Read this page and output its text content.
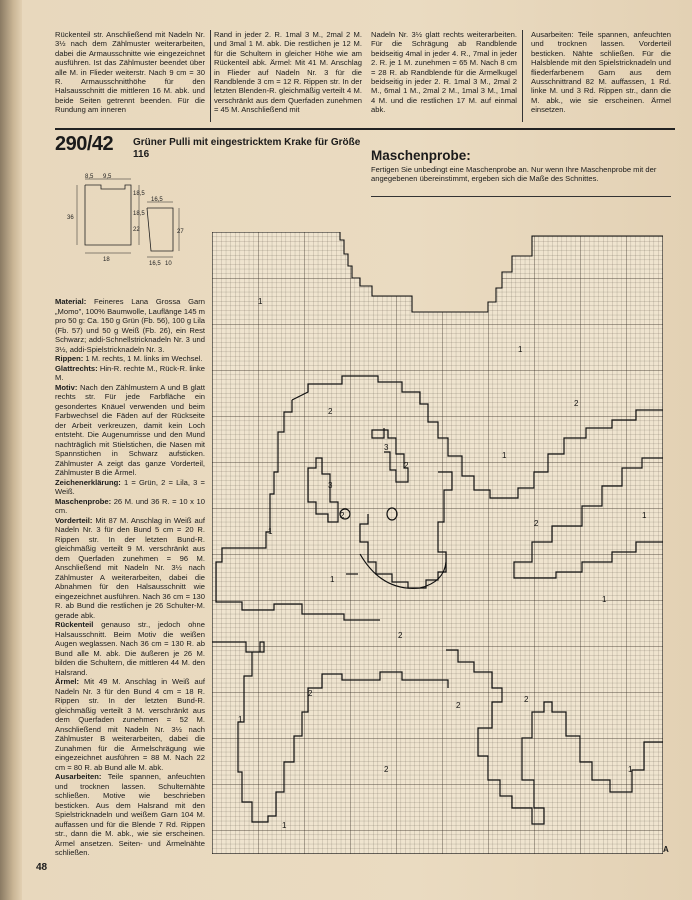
Rückenteil str. Anschließend mit Nadeln Nr. 3½ nach dem Zählmuster weiterarbeiten, dabei die Armausschnitte wie eingezeichnet ausführen. Ist das Zählmuster beendet über alle M. in Flieder weiterstr. Nach 9 cm = 30 R. Armausschnitthöhe für den Halsausschnitt die mittleren 16 M. abk. und beide Seiten getrennt beenden. Für die Rundung am inneren

Rand in jeder 2. R. 1mal 3 M., 2mal 2 M. und 3mal 1 M. abk. Die restlichen je 12 M. für die Schultern in gleicher Höhe wie am Rückenteil abk. Ärmel: Mit 41 M. Anschlag in Flieder auf Nadeln Nr. 3 für die Randblende 3 cm = 12 R. Rippen str. In der letzten Blenden-R. gleichmäßig verteilt 4 M. verschränkt aus dem Querfaden zunehmen = 45 M. Anschließend mit

Nadeln Nr. 3½ glatt rechts weiterarbeiten. Für die Schrägung ab Randblende beidseitig 4mal in jeder 4. R., 7mal in jeder 2. R. je 1 M. zunehmen = 65 M. Nach 8 cm = 28 R. ab Randblende für die Ärmelkugel beidseitig in jeder 2. R. 1mal 3 M., 2mal 2 M., 6mal 1 M., 2mal 2 M., 1mal 3 M., 1mal 4 M. und die restlichen 17 M. auf einmal abk.

Ausarbeiten: Teile spannen, anfeuchten und trocknen lassen. Vorderteil besticken. Nähte schließen. Für die Halsblende mit den Spielstricknadeln und fliederfarbenem Garn aus dem Ausschnittrand 82 M. auffassen, 1 Rd. linke M. und 3 Rd. Rippen str., dann die M. abk., wie sie erscheinen. Ärmel einsetzen.

290/42 Grüner Pulli mit eingestricktem Krake für Größe 116	Maschenprobe:
Fertigen Sie unbedingt eine Maschenprobe an. Nur wenn Ihre Maschenprobe mit der angegebenen übereinstimmt, ergeben sich die Maße des Schnittes.
8,5 9,5
18,5
36
18,5
22
18
16,5
27
16,5 10

Material: Feineres Lana Grossa Garn „Momo", 100% Baumwolle, Lauflänge 145 m pro 50 g: Ca. 150 g Grün (Fb. 56), 100 g Lila (Fb. 57) und 50 g Weiß (Fb. 26), ein Rest Schwarz; addi-Schnellstricknadeln Nr. 3 und 3½, addi-Spielstricknadeln Nr. 3.

Rippen: 1 M. rechts, 1 M. links im Wechsel.

Glattrechts: Hin-R. rechte M., Rück-R. linke M.

Motiv: Nach den Zählmustern A und B glatt rechts str. Für jede Farbfläche ein gesondertes Knäuel verwenden und beim Farbwechsel die Fäden auf der Rückseite der Arbeit verkreuzen, damit kein Loch entsteht. Die Augenumrisse und den Mund nachträglich mit Stielstichen, die Nasen mit Spannstichen in Schwarz aufsticken. Zählmuster A zeigt das ganze Vorderteil, Zählmuster B die Ärmel.

Zeichenerklärung: 1 = Grün, 2 = Lila, 3 = Weiß.

Maschenprobe: 26 M. und 36 R. = 10 x 10 cm.

Vorderteil: Mit 87 M. Anschlag in Weiß auf Nadeln Nr. 3 für den Bund 5 cm = 20 R. Rippen str. In der letzten Bund-R. gleichmäßig verteilt 9 M. verschränkt aus dem Querfaden zunehmen = 96 M. Anschließend mit Nadeln Nr. 3½ nach Zählmuster A weiterarbeiten, dabei die Abnahmen für den Halsausschnitt wie eingezeichnet ausführen. Nach 36 cm = 130 R. ab Bund die restlichen je 26 Schulter-M. gerade abk.

Rückenteil genauso str., jedoch ohne Halsausschnitt. Beim Motiv die weißen Augen weglassen. Nach 36 cm = 130 R. ab Bund alle M. abk. Die äußeren je 26 M. bilden die Schultern, die mittleren 44 M. den Halsrand.

Ärmel: Mit 49 M. Anschlag in Weiß auf Nadeln Nr. 3 für den Bund 4 cm = 18 R. Rippen str. In der letzten Bund-R. gleichmäßig verteilt 3 M. verschränkt aus dem Querfaden zunehmen = 52 M. Anschließend mit Nadeln Nr. 3½ nach Zählmuster B weiterarbeiten, dabei die Zunahmen für die Ärmelschrägung wie eingezeichnet ausführen = 88 M. Nach 22 cm = 80 R. ab Bund alle M. abk.

Ausarbeiten: Teile spannen, anfeuchten und trocknen lassen. Schulternähte schließen. Motive wie beschrieben besticken. Aus dem Halsrand mit den Spielstricknadeln und weißem Garn 104 M. auffassen und für die Blende 7 Rd. Rippen str., dann die M. abk., wie sie erscheinen. Ärmel ansetzen. Seiten- und Ärmelnähte schließen.

1
1
1
1
1
1
1
1
1
1
2
2
2
2
2
2
2
2
2
2
3
3
A
48
